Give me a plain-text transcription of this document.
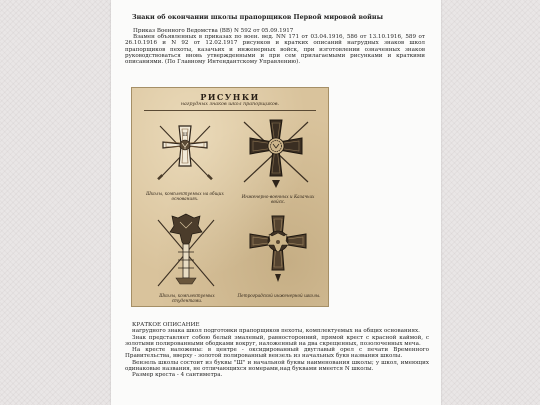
Знаки об окончании школы прапорщиков Первой мировой войны
Приказ Военного Ведомства (ВВ) N 592 от 05.09.1917
Взамен объявленных в приказах по воен. вед. NN 171 от 03.04.1916, 586 от 13.10.1916, 589 от 26.10.1916 и N 92 от 12.02.1917 рисунков и кратких описаний нагрудных знаков школ прапорщиков пехоты, казачьих и инженерных войск, при изготовлении означенных знаков руководствоваться вновь утвержденными и при сем прилагаемыми рисунками и краткими описаниями. (По Главному Интендантскому Управлению).
РИСУНКИ
нагрудных знаков школ прапорщиков.
Ш
Школы, комплектуемых на общих основаниях.	Инженерно-военных и Казачьих войск.
Школы, комплектуемых студентами.
Петроградской инженерной школы.
КРАТКОЕ ОПИСАНИЕ
нагрудного знака школ подготовки прапорщиков пехоты, комплектуемых на общих основаниях.
Знак представляет собою белый эмалевый, равносторонний, прямой крест с красной каймой, с золотыми полированными ободками вокруг, наложенный на два скрещенных, позолоченных меча.
На кресте наложены: в центре - оксидированный двуглавый орел с печати Временного Правительства, вверху - золотой полированный вензель из начальных букв названия школы.
Вензель школы состоит из буквы "Ш" и начальной буквы наименования школы; у школ, имеющих одинаковые названия, не отличающихся номерами,над буквами имеется N школы.
Размер креста - 4 сантиметра.
